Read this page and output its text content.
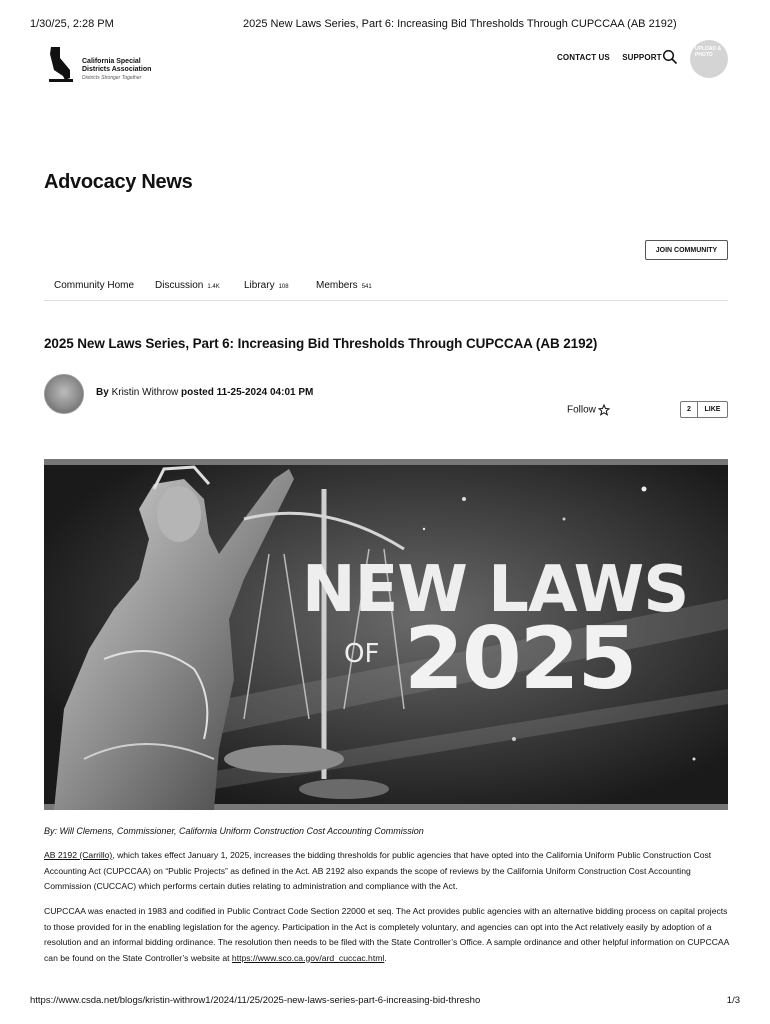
1/30/25, 2:28 PM	2025 New Laws Series, Part 6: Increasing Bid Thresholds Through CUPCCAA (AB 2192)
California Special
Districts Association
Districts Stronger Together
CONTACT US SUPPORT
UPLOAD & PHOTO
Advocacy News
JOIN COMMUNITY
Community Home Discussion 1.4K Library 108	Members 541
2025 New Laws Series, Part 6: Increasing Bid Thresholds Through CUPCCAA (AB 2192)
By Kristin Withrow posted 11-25-2024 04:01 PM
Follow	2	LIKE
NEW LAWS
OF 2025
By: Will Clemens, Commissioner, California Uniform Construction Cost Accounting Commission

AB 2192 (Carrillo), which takes effect January 1, 2025, increases the bidding thresholds for public agencies that have opted into the California Uniform Public Construction Cost Accounting Act (CUPCCAA) on “Public Projects” as defined in the Act. AB 2192 also expands the scope of reviews by the California Uniform Construction Cost Accounting Commission (CUCCAC) which performs certain duties relating to administration and compliance with the Act.

CUPCCAA was enacted in 1983 and codified in Public Contract Code Section 22000 et seq. The Act provides public agencies with an alternative bidding process on capital projects to those provided for in the enabling legislation for the agency. Participation in the Act is completely voluntary, and agencies can opt into the Act relatively easily by adoption of a resolution and an informal bidding ordinance. The resolution then needs to be filed with the State Controller’s Office. A sample ordinance and other helpful information on CUPCCAA can be found on the State Controller’s website at https://www.sco.ca.gov/ard_cuccac.html.

https://www.csda.net/blogs/kristin-withrow1/2024/11/25/2025-new-laws-series-part-6-increasing-bid-thresho	1/3
